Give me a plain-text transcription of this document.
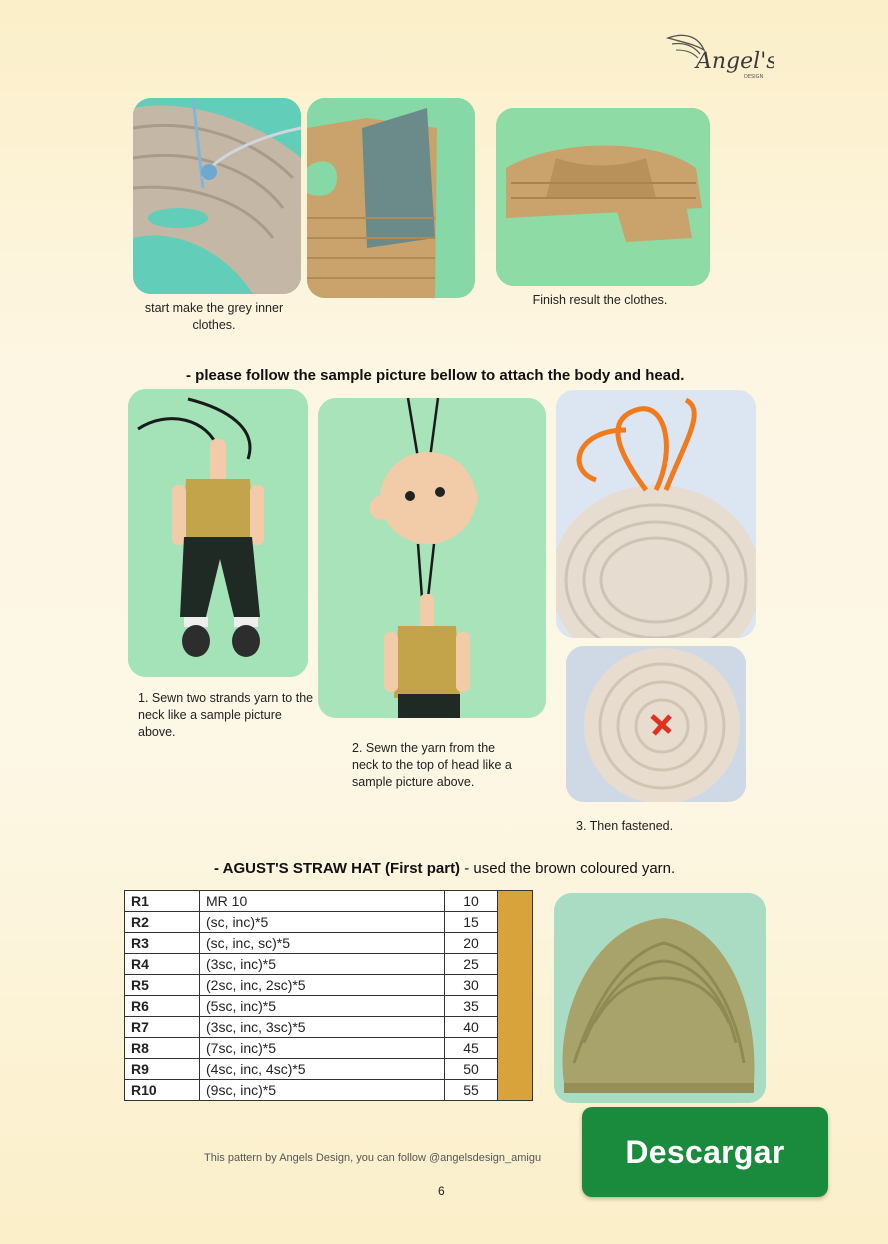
Angel's
DESIGN
start make the grey inner clothes.
Finish result the clothes.
- please follow the sample picture bellow to attach the body and head.
1. Sewn two strands yarn to the neck like a sample picture above.
2. Sewn the yarn from the neck to the top of head like a sample picture above.
3. Then fastened.
- AGUST'S STRAW HAT (First part) - used the brown coloured yarn.
R1	MR 10	10	
R2	(sc, inc)*5	15	
R3	(sc, inc, sc)*5	20	
R4	(3sc, inc)*5	25	
R5	(2sc, inc, 2sc)*5	30	
R6	(5sc, inc)*5	35	
R7	(3sc, inc, 3sc)*5	40	
R8	(7sc, inc)*5	45	
R9	(4sc, inc, 4sc)*5	50	
R10	(9sc, inc)*5	55	
This pattern by Angels Design, you can follow @angelsdesign_amigu
6
Descargar
